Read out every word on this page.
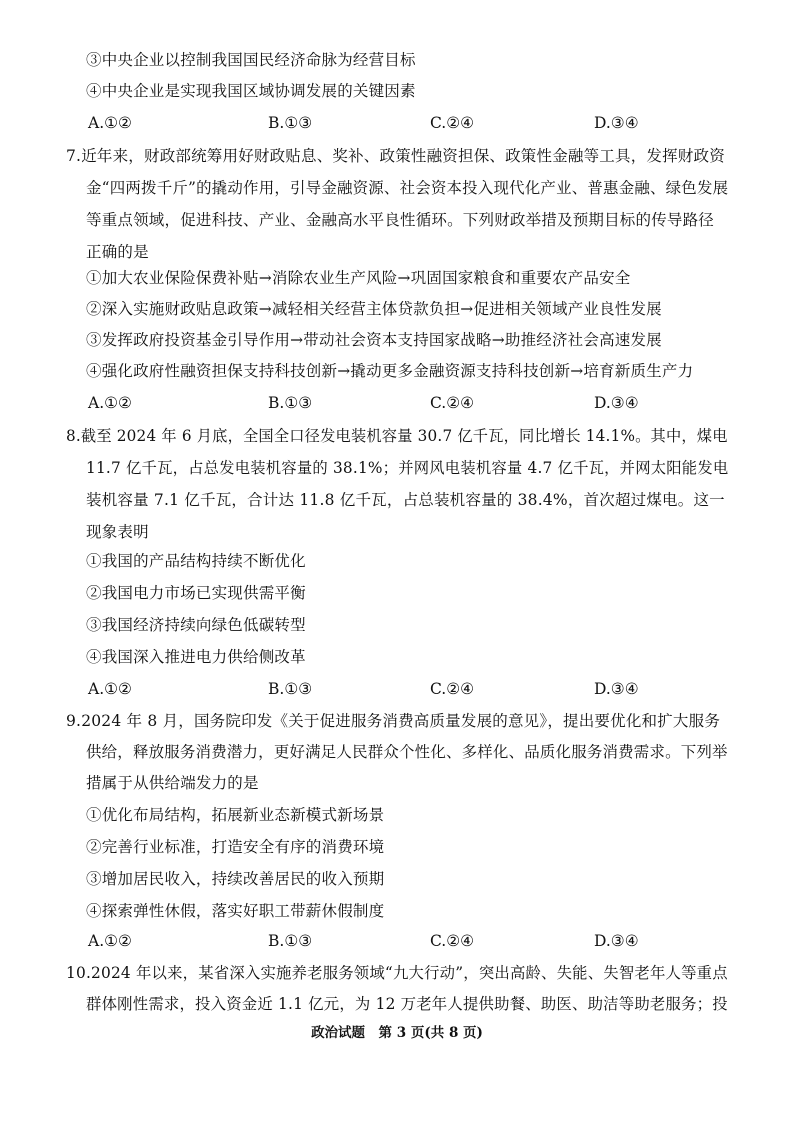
③中央企业以控制我国国民经济命脉为经营目标
④中央企业是实现我国区域协调发展的关键因素
A.①②	B.①③	C.②④	D.③④
7.近年来，财政部统筹用好财政贴息、奖补、政策性融资担保、政策性金融等工具，发挥财政资
金“四两拨千斤”的撬动作用，引导金融资源、社会资本投入现代化产业、普惠金融、绿色发展
等重点领域，促进科技、产业、金融高水平良性循环。下列财政举措及预期目标的传导路径
正确的是
①加大农业保险保费补贴→消除农业生产风险→巩固国家粮食和重要农产品安全
②深入实施财政贴息政策→减轻相关经营主体贷款负担→促进相关领域产业良性发展
③发挥政府投资基金引导作用→带动社会资本支持国家战略→助推经济社会高速发展
④强化政府性融资担保支持科技创新→撬动更多金融资源支持科技创新→培育新质生产力
A.①②	B.①③	C.②④	D.③④
8.截至 2024 年 6 月底，全国全口径发电装机容量 30.7 亿千瓦，同比增长 14.1%。其中，煤电
11.7 亿千瓦，占总发电装机容量的 38.1%；并网风电装机容量 4.7 亿千瓦，并网太阳能发电
装机容量 7.1 亿千瓦，合计达 11.8 亿千瓦，占总装机容量的 38.4%，首次超过煤电。这一
现象表明
①我国的产品结构持续不断优化
②我国电力市场已实现供需平衡
③我国经济持续向绿色低碳转型
④我国深入推进电力供给侧改革
A.①②	B.①③	C.②④	D.③④
9.2024 年 8 月，国务院印发《关于促进服务消费高质量发展的意见》，提出要优化和扩大服务
供给，释放服务消费潜力，更好满足人民群众个性化、多样化、品质化服务消费需求。下列举
措属于从供给端发力的是
①优化布局结构，拓展新业态新模式新场景
②完善行业标准，打造安全有序的消费环境
③增加居民收入，持续改善居民的收入预期
④探索弹性休假，落实好职工带薪休假制度
A.①②	B.①③	C.②④	D.③④
10.2024 年以来，某省深入实施养老服务领域“九大行动”，突出高龄、失能、失智老年人等重点
群体刚性需求，投入资金近 1.1 亿元，为 12 万老年人提供助餐、助医、助洁等助老服务；投
政治试题　第 3 页(共 8 页)
